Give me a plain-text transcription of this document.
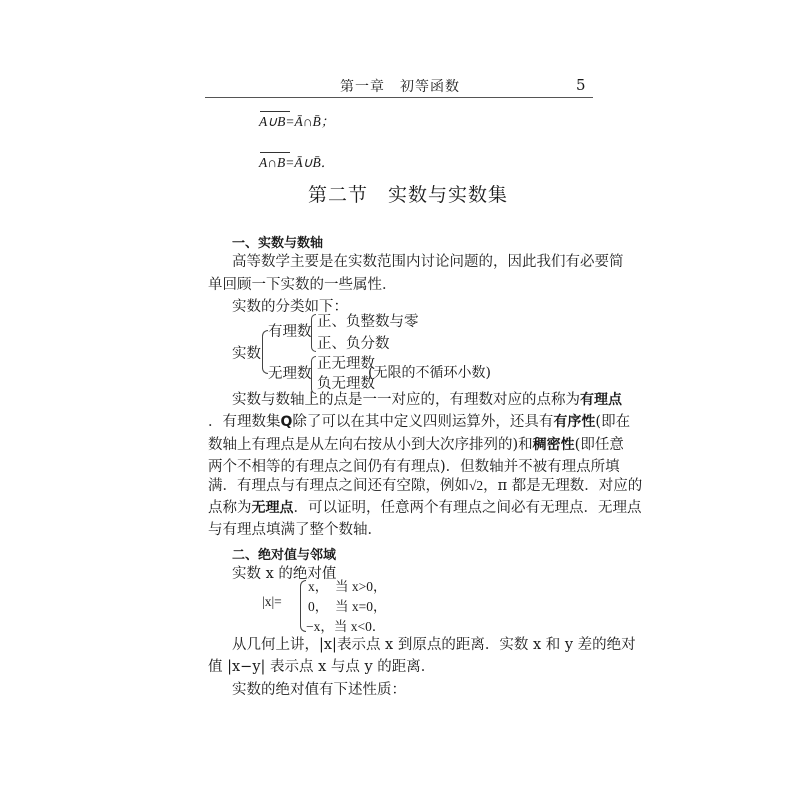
第一章　初等函数	5
A∪B=Ā∩B̄；
A∩B=Ā∪B̄．
第二节　实数与实数集
一、实数与数轴
高等数学主要是在实数范围内讨论问题的，因此我们有必要简
单回顾一下实数的一些属性．
实数的分类如下：
实数
有理数
无理数
正、负整数与零
正、负分数
正无理数
负无理数
(无限的不循环小数)
实数与数轴上的点是一一对应的，有理数对应的点称为有理点
．有理数集Q除了可以在其中定义四则运算外，还具有有序性(即在
数轴上有理点是从左向右按从小到大次序排列的)和稠密性(即任意
两个不相等的有理点之间仍有有理点)．但数轴并不被有理点所填
满．有理点与有理点之间还有空隙，例如√2，π 都是无理数．对应的
点称为无理点．可以证明，任意两个有理点之间必有无理点．无理点
与有理点填满了整个数轴．
二、绝对值与邻域
实数 x 的绝对值
|x|=
x，　当 x>0，
0，　当 x=0，
−x，当 x<0．
从几何上讲，|x|表示点 x 到原点的距离．实数 x 和 y 差的绝对
值 |x−y| 表示点 x 与点 y 的距离．
实数的绝对值有下述性质：
